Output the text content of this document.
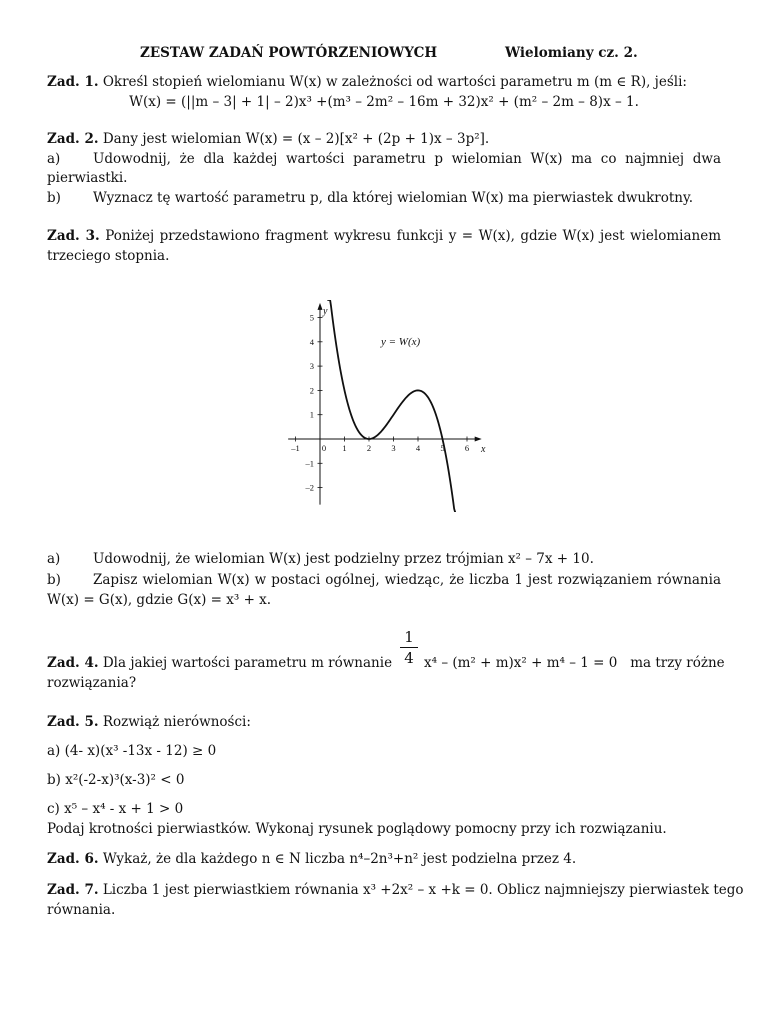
ZESTAW ZADAŃ POWTÓRZENIOWYCH	Wielomiany cz. 2.
Zad. 1. Określ stopień wielomianu W(x) w zależności od wartości parametru m (m ∈ R), jeśli:
W(x) = (||m – 3| + 1| – 2)x³ +(m³ – 2m² – 16m + 32)x² + (m² – 2m – 8)x – 1.
Zad. 2. Dany jest wielomian W(x) = (x – 2)[x² + (2p + 1)x – 3p²].
a) Udowodnij, że dla każdej wartości parametru p wielomian W(x) ma co najmniej dwa
pierwiastki.
b) Wyznacz tę wartość parametru p, dla której wielomian W(x) ma pierwiastek dwukrotny.
Zad. 3. Poniżej przedstawiono fragment wykresu funkcji y = W(x), gdzie W(x) jest wielomianem
trzeciego stopnia.
–1	0 1 2 3 4 5 6
5
4
3
2
1
–1
–2
y = W(x)
x
y
a) Udowodnij, że wielomian W(x) jest podzielny przez trójmian x² – 7x + 10.
b) Zapisz wielomian W(x) w postaci ogólnej, wiedząc, że liczba 1 jest rozwiązaniem równania
W(x) = G(x), gdzie G(x) = x³ + x.
1
4
Zad. 4. Dla jakiej wartości parametru m równanie x⁴ – (m² + m)x² + m⁴ – 1 = 0   ma trzy różne
rozwiązania?
Zad. 5. Rozwiąż nierówności:
a) (4- x)(x³ -13x - 12) ≥ 0
b) x²(-2-x)³(x-3)² < 0
c) x⁵ – x⁴ - x + 1 > 0
Podaj krotności pierwiastków. Wykonaj rysunek poglądowy pomocny przy ich rozwiązaniu.
Zad. 6. Wykaż, że dla każdego n ∈ N liczba n⁴–2n³+n² jest podzielna przez 4.
Zad. 7. Liczba 1 jest pierwiastkiem równania x³ +2x² – x +k = 0. Oblicz najmniejszy pierwiastek tego
równania.
